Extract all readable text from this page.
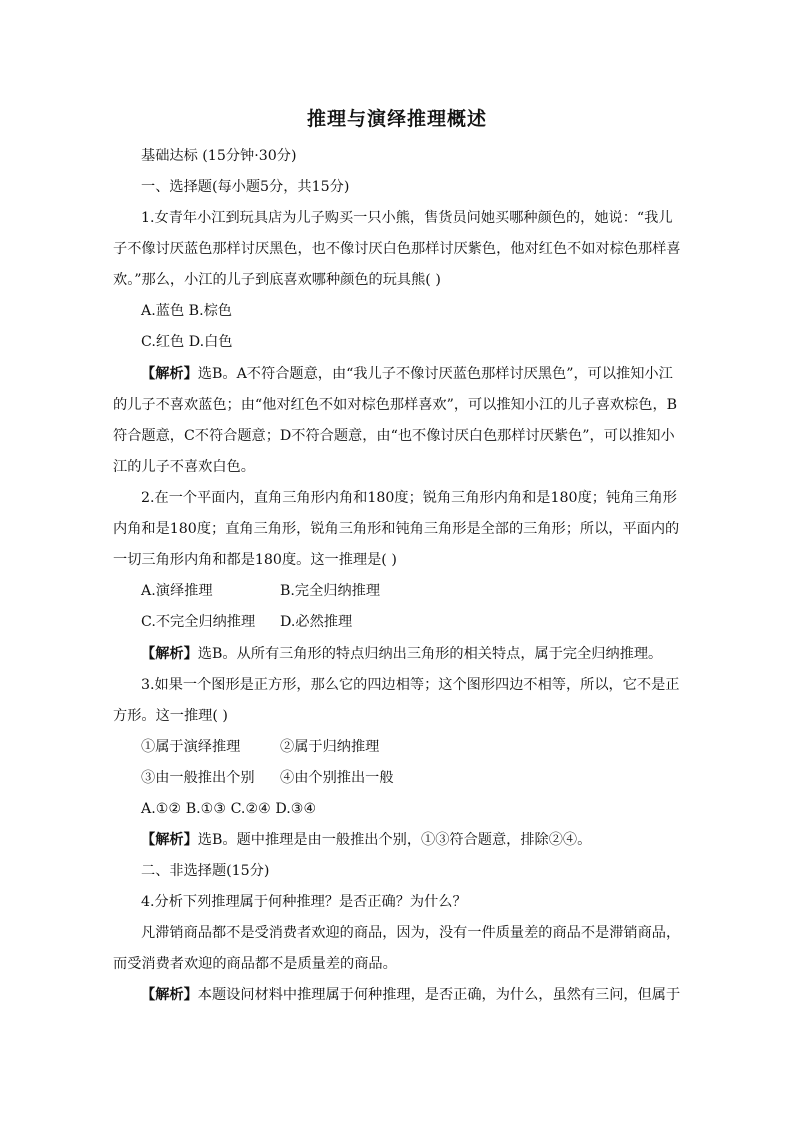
推理与演绎推理概述
基础达标 (15分钟·30分)
一、选择题(每小题5分，共15分)
1.女青年小江到玩具店为儿子购买一只小熊，售货员问她买哪种颜色的，她说：“我儿
子不像讨厌蓝色那样讨厌黑色，也不像讨厌白色那样讨厌紫色，他对红色不如对棕色那样喜
欢。”那么，小江的儿子到底喜欢哪种颜色的玩具熊( )
A.蓝色 B.棕色
C.红色 D.白色
【解析】选B。A不符合题意，由“我儿子不像讨厌蓝色那样讨厌黑色”，可以推知小江
的儿子不喜欢蓝色；由“他对红色不如对棕色那样喜欢”，可以推知小江的儿子喜欢棕色，B
符合题意，C不符合题意；D不符合题意，由“也不像讨厌白色那样讨厌紫色”，可以推知小
江的儿子不喜欢白色。
2.在一个平面内，直角三角形内角和180度；锐角三角形内角和是180度；钝角三角形
内角和是180度；直角三角形，锐角三角形和钝角三角形是全部的三角形；所以，平面内的
一切三角形内角和都是180度。这一推理是( )
A.演绎推理	B.完全归纳推理
C.不完全归纳推理 D.必然推理
【解析】选B。从所有三角形的特点归纳出三角形的相关特点，属于完全归纳推理。
3.如果一个图形是正方形，那么它的四边相等；这个图形四边不相等，所以，它不是正
方形。这一推理( )
①属于演绎推理	②属于归纳推理
③由一般推出个别 ④由个别推出一般
A.①② B.①③ C.②④ D.③④
【解析】选B。题中推理是由一般推出个别，①③符合题意，排除②④。
二、非选择题(15分)
4.分析下列推理属于何种推理？是否正确？为什么？
凡滞销商品都不是受消费者欢迎的商品，因为，没有一件质量差的商品不是滞销商品，
而受消费者欢迎的商品都不是质量差的商品。
【解析】本题设问材料中推理属于何种推理，是否正确，为什么，虽然有三问，但属于
